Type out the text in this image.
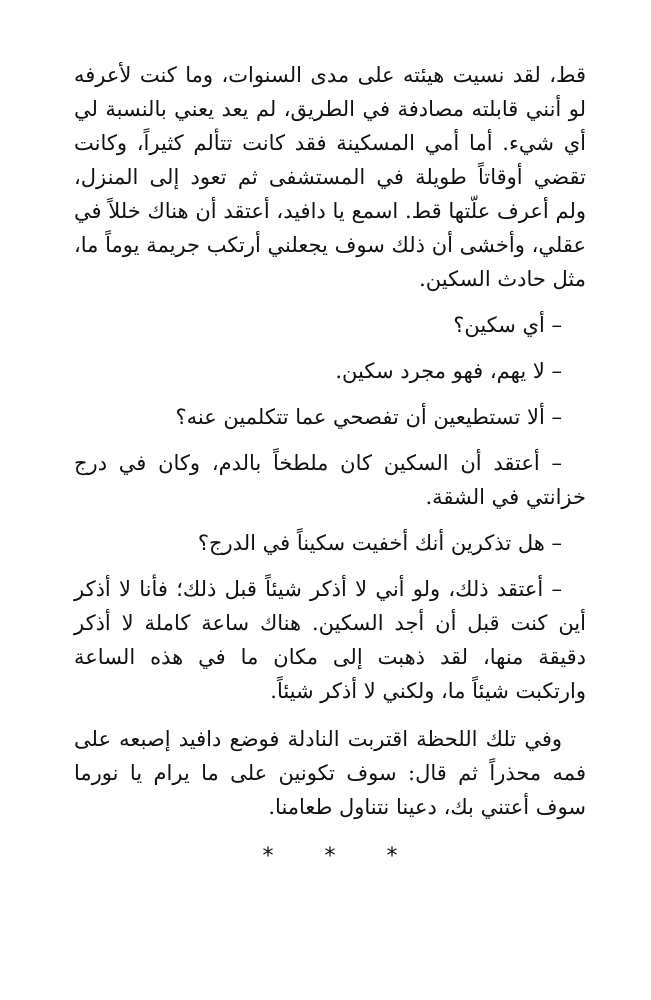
قط، لقد نسيت هيئته على مدى السنوات، وما كنت لأعرفه لو أنني قابلته مصادفة في الطريق، لم يعد يعني بالنسبة لي أي شيء. أما أمي المسكينة فقد كانت تتألم كثيراً، وكانت تقضي أوقاتاً طويلة في المستشفى ثم تعود إلى المنزل، ولم أعرف علّتها قط. اسمع يا دافيد، أعتقد أن هناك خللاً في عقلي، وأخشى أن ذلك سوف يجعلني أرتكب جريمة يوماً ما، مثل حادث السكين.

– أي سكين؟

– لا يهم، فهو مجرد سكين.

– ألا تستطيعين أن تفصحي عما تتكلمين عنه؟

– أعتقد أن السكين كان ملطخاً بالدم، وكان في درج خزانتي في الشقة.

– هل تذكرين أنك أخفيت سكيناً في الدرج؟

– أعتقد ذلك، ولو أني لا أذكر شيئاً قبل ذلك؛ فأنا لا أذكر أين كنت قبل أن أجد السكين. هناك ساعة كاملة لا أذكر دقيقة منها، لقد ذهبت إلى مكان ما في هذه الساعة وارتكبت شيئاً ما، ولكني لا أذكر شيئاً.

وفي تلك اللحظة اقتربت النادلة فوضع دافيد إصبعه على فمه محذراً ثم قال: سوف تكونين على ما يرام يا نورما سوف أعتني بك، دعينا نتناول طعامنا.

* * *
